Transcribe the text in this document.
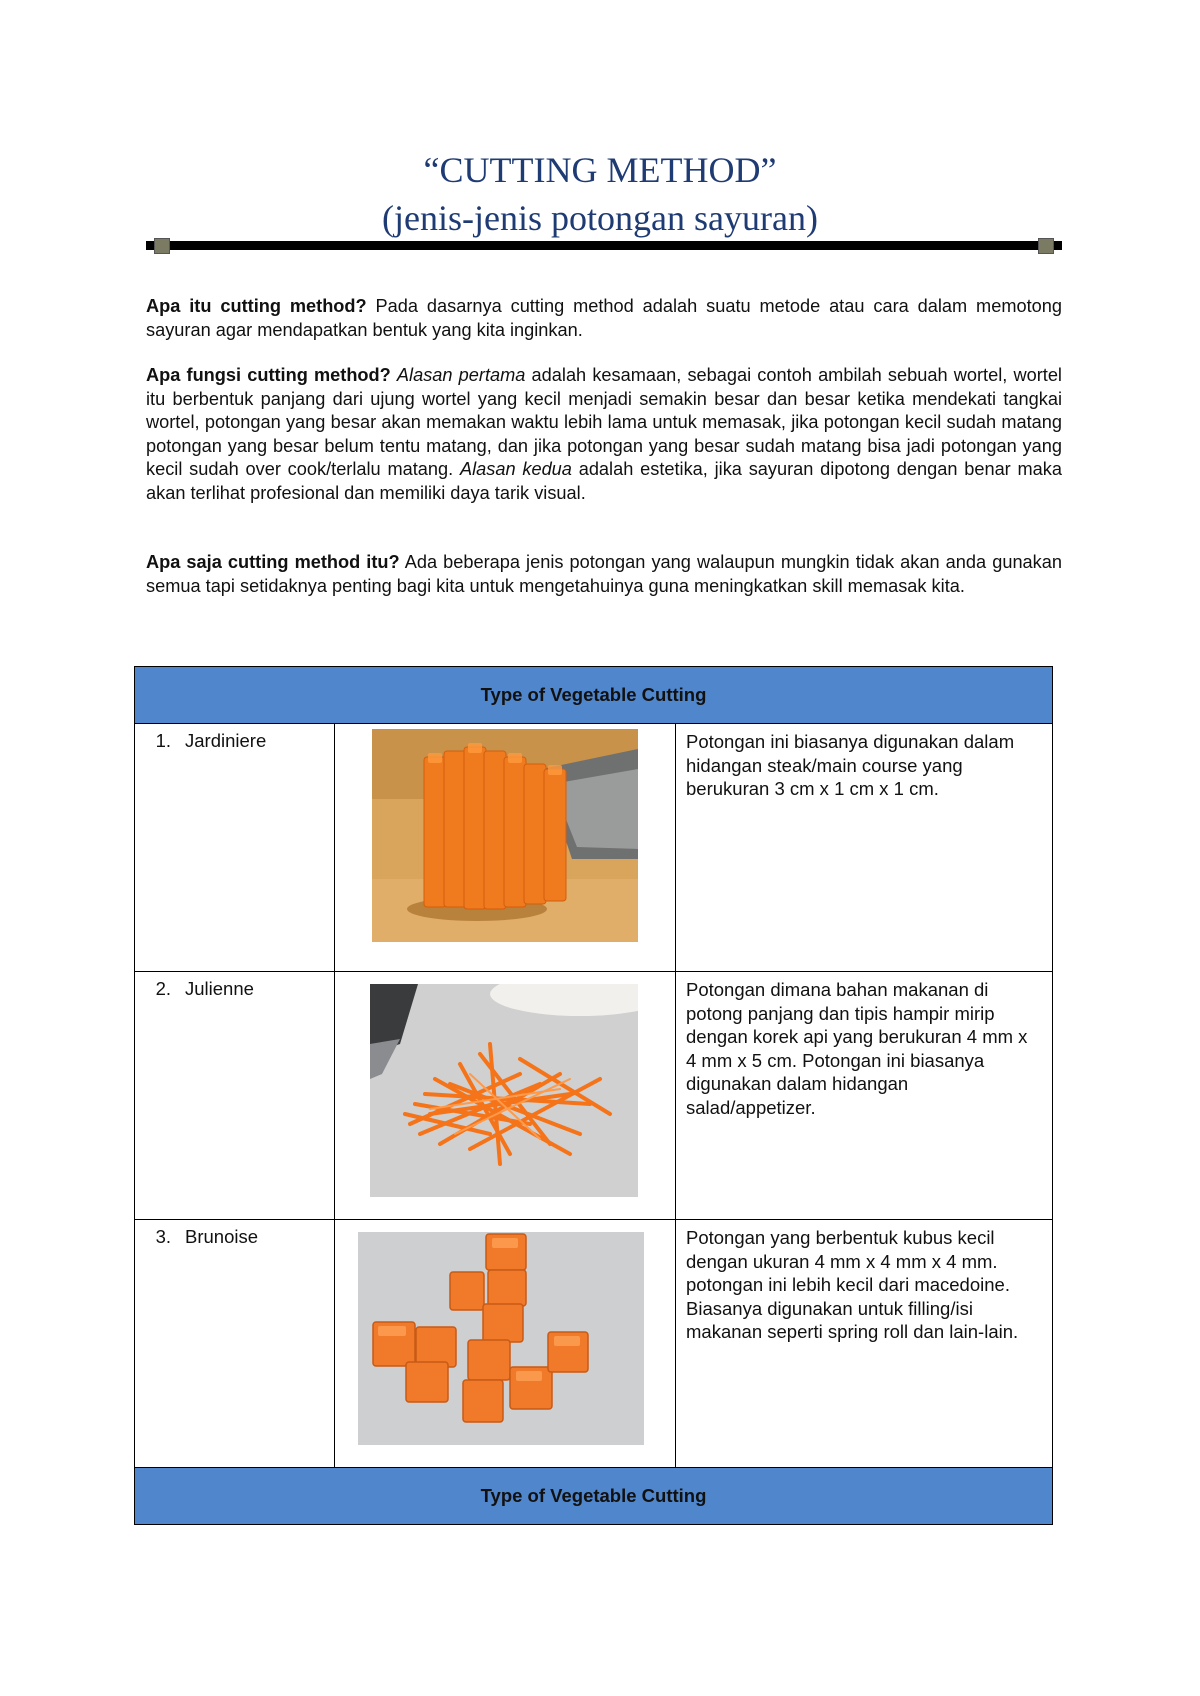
“CUTTING METHOD”

(jenis-jenis potongan sayuran)

Apa itu cutting method? Pada dasarnya cutting method adalah suatu metode atau cara dalam memotong sayuran agar mendapatkan bentuk yang kita inginkan.

Apa fungsi cutting method? Alasan pertama adalah kesamaan, sebagai contoh ambilah sebuah wortel, wortel itu berbentuk panjang dari ujung wortel yang kecil menjadi semakin besar dan besar ketika mendekati tangkai wortel, potongan yang besar akan memakan waktu lebih lama untuk memasak, jika potongan kecil sudah matang potongan yang besar belum tentu matang, dan jika potongan yang besar sudah matang bisa jadi potongan yang kecil sudah over cook/terlalu matang. Alasan kedua adalah estetika, jika sayuran dipotong dengan benar maka akan terlihat profesional dan memiliki daya tarik visual.

Apa saja cutting method itu? Ada beberapa jenis potongan yang walaupun mungkin tidak akan anda gunakan semua tapi setidaknya penting bagi kita untuk mengetahuinya guna meningkatkan skill memasak kita.

Type of Vegetable Cutting		
1. Jardiniere		Potongan ini biasanya digunakan dalam hidangan steak/main course yang berukuran 3 cm x 1 cm x 1 cm.
2. Julienne		Potongan dimana bahan makanan di potong panjang dan tipis hampir mirip dengan korek api yang berukuran 4 mm x 4 mm x 5 cm. Potongan ini biasanya digunakan dalam hidangan salad/appetizer.
3. Brunoise		Potongan yang berbentuk kubus kecil dengan ukuran 4 mm x 4 mm x 4 mm. potongan ini lebih kecil dari macedoine. Biasanya digunakan untuk filling/isi makanan seperti spring roll dan lain-lain.
Type of Vegetable Cutting		
